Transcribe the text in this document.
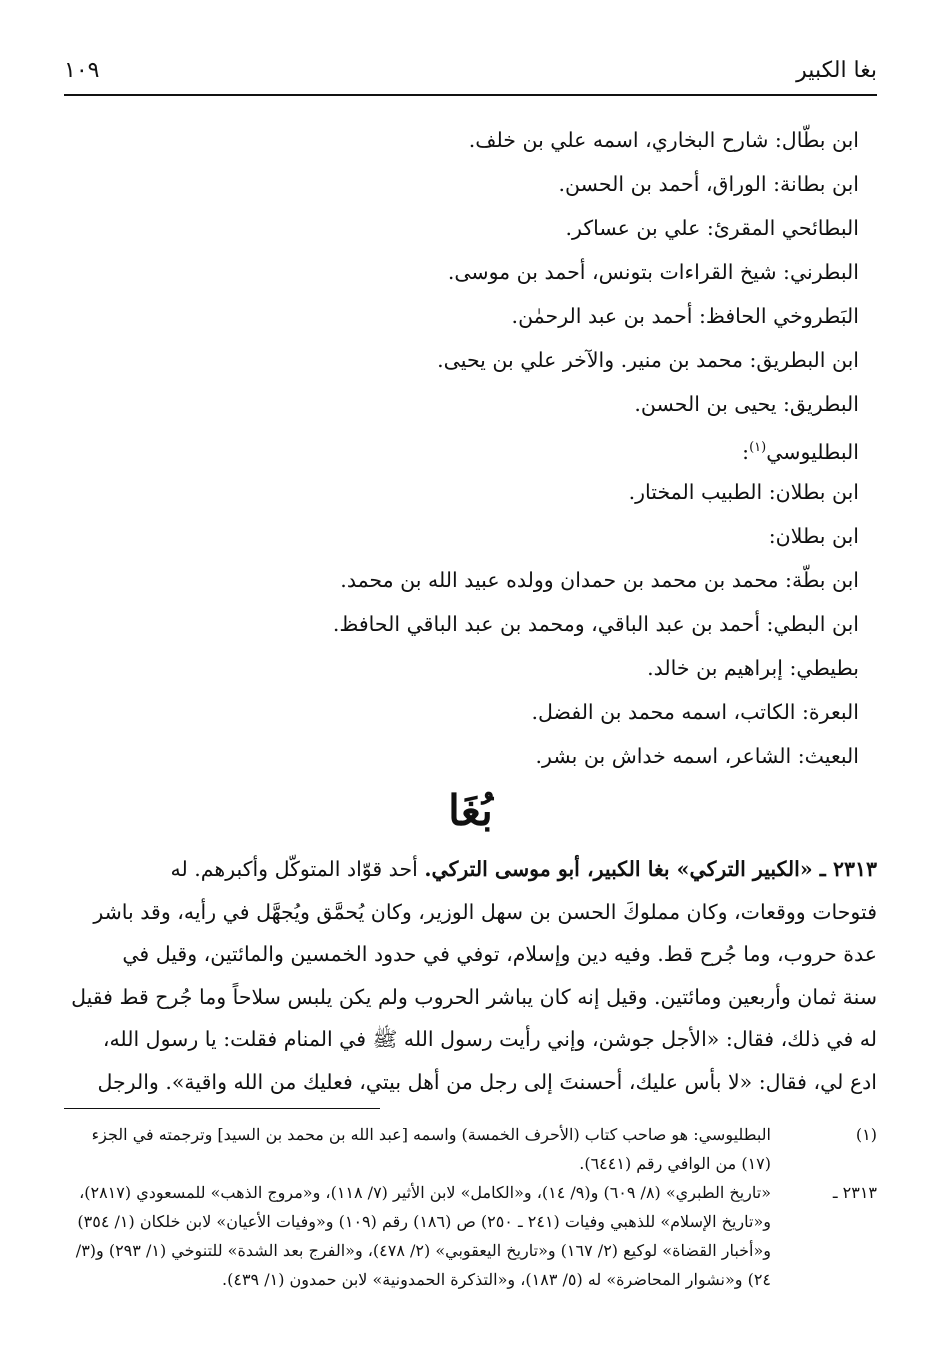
بغا الكبير
١٠٩
ابن بطّال: شارح البخاري، اسمه علي بن خلف.
ابن بطانة: الوراق، أحمد بن الحسن.
البطائحي المقرئ: علي بن عساكر.
البطرني: شيخ القراءات بتونس، أحمد بن موسى.
البَطروخي الحافظ: أحمد بن عبد الرحمٰن.
ابن البطريق: محمد بن منير. والآخر علي بن يحيى.
البطريق: يحيى بن الحسن.
البطليوسي$^{(١)}$:
ابن بطلان: الطبيب المختار.
ابن بطلان:
ابن بطّة: محمد بن محمد بن حمدان وولده عبيد الله بن محمد.
ابن البطي: أحمد بن عبد الباقي، ومحمد بن عبد الباقي الحافظ.
بطيطي: إبراهيم بن خالد.
البعرة: الكاتب، اسمه محمد بن الفضل.
البعيث: الشاعر، اسمه خداش بن بشر.
بُغَا
٢٣١٣ ـ «الكبير التركي» بغا الكبير، أبو موسى التركي. أحد قوّاد المتوكّل وأكبرهم. له
فتوحات ووقعات، وكان مملوكَ الحسن بن سهل الوزير، وكان يُحمَّق ويُجهَّل في رأيه، وقد باشر
عدة حروب، وما جُرح قط. وفيه دين وإسلام، توفي في حدود الخمسين والمائتين، وقيل في
سنة ثمان وأربعين ومائتين. وقيل إنه كان يباشر الحروب ولم يكن يلبس سلاحاً وما جُرح قط فقيل
له في ذلك، فقال: «الأجل جوشن، وإني رأيت رسول الله ﷺ في المنام فقلت: يا رسول الله،
ادع لي، فقال: «لا بأس عليك، أحسنتَ إلى رجل من أهل بيتي، فعليك من الله واقية». والرجل
(١)
البطليوسي: هو صاحب كتاب (الأحرف الخمسة) واسمه [عبد الله بن محمد بن السيد] وترجمته في الجزء
(١٧) من الوافي رقم (٦٤٤١).
٢٣١٣ ـ
«تاريخ الطبري» (٨/ ٦٠٩) و(٩/ ١٤)، و«الكامل» لابن الأثير (٧/ ١١٨)، و«مروج الذهب» للمسعودي (٢٨١٧)،
و«تاريخ الإسلام» للذهبي وفيات (٢٤١ ـ ٢٥٠) ص (١٨٦) رقم (١٠٩) و«وفيات الأعيان» لابن خلكان (١/ ٣٥٤)
و«أخبار القضاة» لوكيع (٢/ ١٦٧) و«تاريخ اليعقوبي» (٢/ ٤٧٨)، و«الفرج بعد الشدة» للتنوخي (١/ ٢٩٣) و(٣/
٢٤) و«نشوار المحاضرة» له (٥/ ١٨٣)، و«التذكرة الحمدونية» لابن حمدون (١/ ٤٣٩).
